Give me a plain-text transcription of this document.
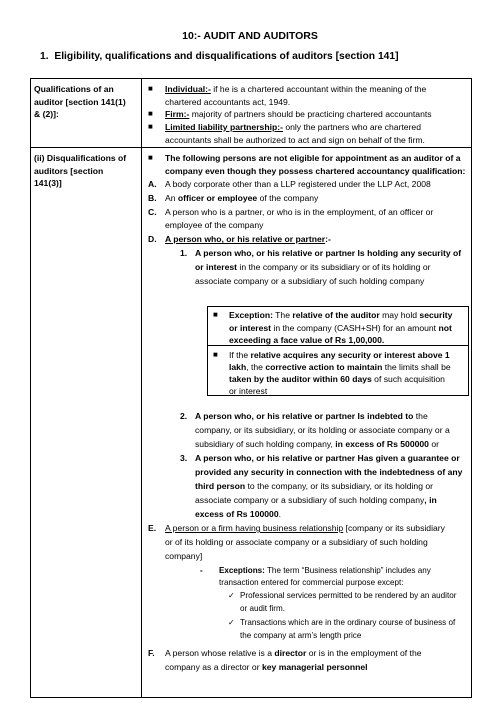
10:- AUDIT AND AUDITORS
1. Eligibility, qualifications and disqualifications of auditors [section 141]
Qualifications of an
auditor [section 141(1)
& (2)]:
■ Individual:- if he is a chartered accountant within the meaning of the
chartered accountants act, 1949.
■ Firm:- majority of partners should be practicing chartered accountants
■ Limited liability partnership:- only the partners who are chartered
accountants shall be authorized to act and sign on behalf of the firm.
(ii) Disqualifications of
auditors [section
141(3)]
■ The following persons are not eligible for appointment as an auditor of a
company even though they possess chartered accountancy qualification:
A. A body corporate other than a LLP registered under the LLP Act, 2008
B. An officer or employee of the company
C. A person who is a partner, or who is in the employment, of an officer or
employee of the company
D. A person who, or his relative or partner:-
1. A person who, or his relative or partner Is holding any security of
or interest in the company or its subsidiary or of its holding or
associate company or a subsidiary of such holding company
■ Exception: The relative of the auditor may hold security
or interest in the company (CASH+SH) for an amount not
exceeding a face value of Rs 1,00,000.
■ If the relative acquires any security or interest above 1
lakh, the corrective action to maintain the limits shall be
taken by the auditor within 60 days of such acquisition
or interest
2. A person who, or his relative or partner Is indebted to the
company, or its subsidiary, or its holding or associate company or a
subsidiary of such holding company, in excess of Rs 500000 or
3. A person who, or his relative or partner Has given a guarantee or
provided any security in connection with the indebtedness of any
third person to the company, or its subsidiary, or its holding or
associate company or a subsidiary of such holding company, in
excess of Rs 100000.
E. A person or a firm having business relationship [company or its subsidiary
or of its holding or associate company or a subsidiary of such holding
company]
- Exceptions: The term “Business relationship” includes any
transaction entered for commercial purpose except:
✓ Professional services permitted to be rendered by an auditor
or audit firm.
✓ Transactions which are in the ordinary course of business of
the company at arm’s length price
F. A person whose relative is a director or is in the employment of the
company as a director or key managerial personnel
